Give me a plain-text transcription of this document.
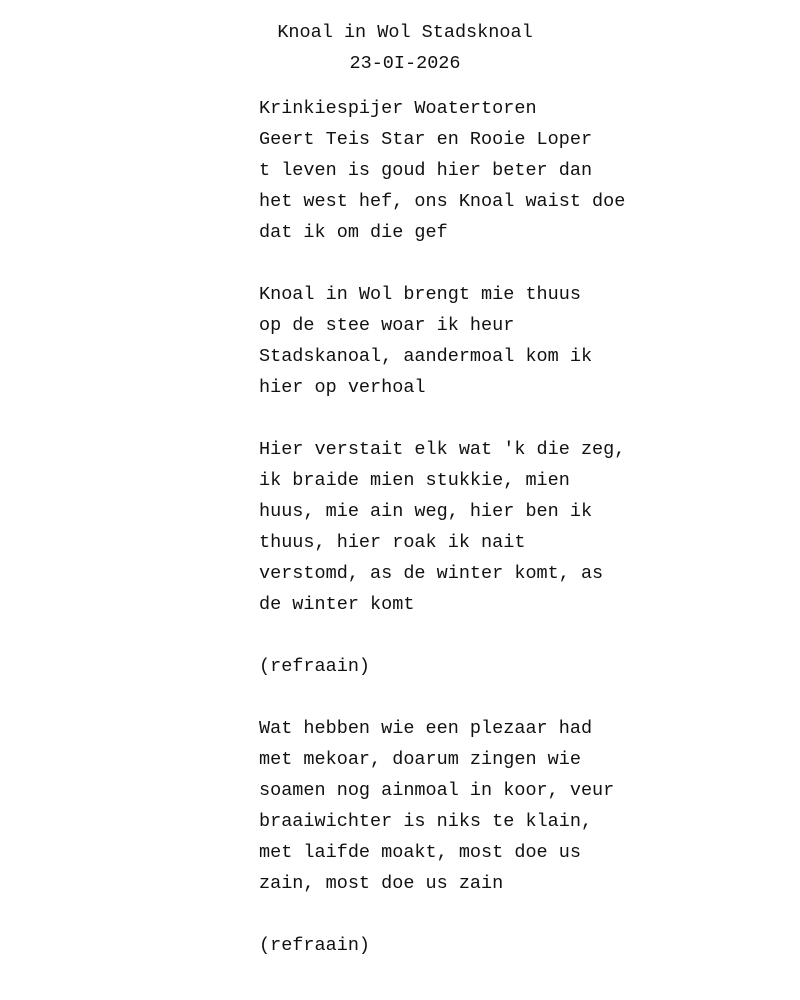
Knoal in Wol Stadsknoal
23-0I-2026
Krinkiespijer Woatertoren
Geert Teis Star en Rooie Loper
t leven is goud hier beter dan
het west hef, ons Knoal waist doe
dat ik om die gef
Knoal in Wol brengt mie thuus
op de stee woar ik heur
Stadskanoal, aandermoal kom ik
hier op verhoal
Hier verstait elk wat 'k die zeg,
ik braide mien stukkie, mien
huus, mie ain weg, hier ben ik
thuus, hier roak ik nait
verstomd, as de winter komt, as
de winter komt
(refraain)
Wat hebben wie een plezaar had
met mekoar, doarum zingen wie
soamen nog ainmoal in koor, veur
braaiwichter is niks te klain,
met laifde moakt, most doe us
zain, most doe us zain
(refraain)
